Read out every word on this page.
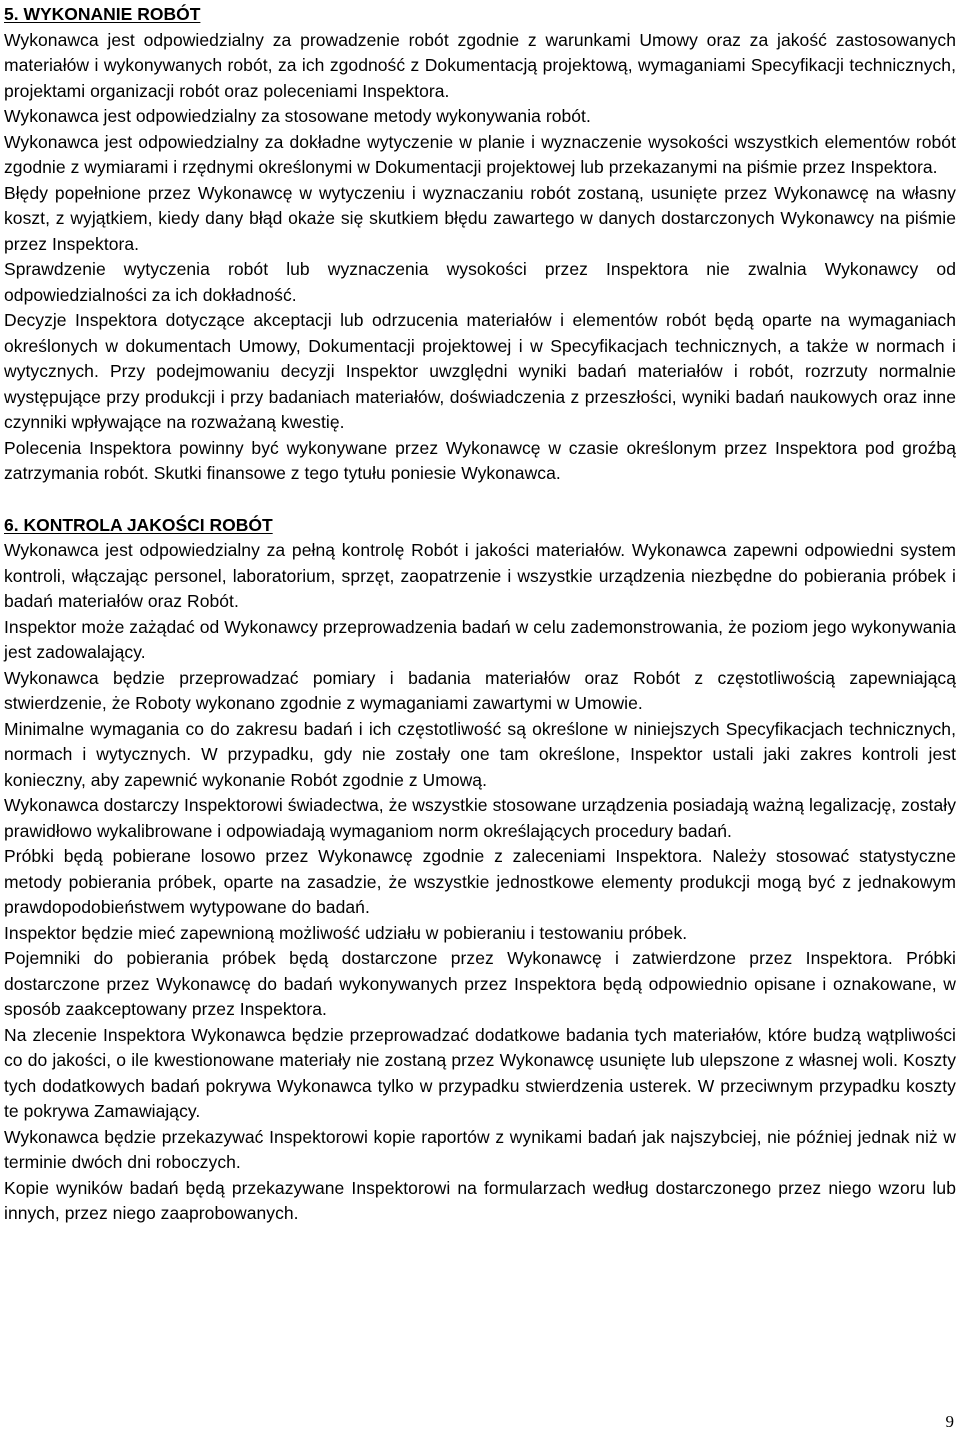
5. WYKONANIE ROBÓT

Wykonawca jest odpowiedzialny za prowadzenie robót zgodnie z warunkami Umowy oraz za jakość zastosowanych materiałów i wykonywanych robót, za ich zgodność z Dokumentacją projektową, wymaganiami Specyfikacji technicznych, projektami organizacji robót oraz poleceniami Inspektora.

Wykonawca jest odpowiedzialny za stosowane metody wykonywania robót.

Wykonawca jest odpowiedzialny za dokładne wytyczenie w planie i wyznaczenie wysokości wszystkich elementów robót zgodnie z wymiarami i rzędnymi określonymi w Dokumentacji projektowej lub przekazanymi na piśmie przez Inspektora.

Błędy popełnione przez Wykonawcę w wytyczeniu i wyznaczaniu robót zostaną, usunięte przez Wykonawcę na własny koszt, z wyjątkiem, kiedy dany błąd okaże się skutkiem błędu zawartego w danych dostarczonych Wykonawcy na piśmie przez Inspektora.

Sprawdzenie wytyczenia robót lub wyznaczenia wysokości przez Inspektora nie zwalnia Wykonawcy od odpowiedzialności za ich dokładność.

Decyzje Inspektora dotyczące akceptacji lub odrzucenia materiałów i elementów robót będą oparte na wymaganiach określonych w dokumentach Umowy, Dokumentacji projektowej i w Specyfikacjach technicznych, a także w normach i wytycznych. Przy podejmowaniu decyzji Inspektor uwzględni wyniki badań materiałów i robót, rozrzuty normalnie występujące przy produkcji i przy badaniach materiałów, doświadczenia z przeszłości, wyniki badań naukowych oraz inne czynniki wpływające na rozważaną kwestię.

Polecenia Inspektora powinny być wykonywane przez Wykonawcę w czasie określonym przez Inspektora pod groźbą zatrzymania robót. Skutki finansowe z tego tytułu poniesie Wykonawca.

6. KONTROLA JAKOŚCI ROBÓT

Wykonawca jest odpowiedzialny za pełną kontrolę Robót i jakości materiałów. Wykonawca zapewni odpowiedni system kontroli, włączając personel, laboratorium, sprzęt, zaopatrzenie i wszystkie urządzenia niezbędne do pobierania próbek i badań materiałów oraz Robót.

Inspektor może zażądać od Wykonawcy przeprowadzenia badań w celu zademonstrowania, że poziom jego wykonywania jest zadowalający.

Wykonawca będzie przeprowadzać pomiary i badania materiałów oraz Robót z częstotliwością zapewniającą stwierdzenie, że Roboty wykonano zgodnie z wymaganiami zawartymi w Umowie.

Minimalne wymagania co do zakresu badań i ich częstotliwość są określone w niniejszych Specyfikacjach technicznych, normach i wytycznych. W przypadku, gdy nie zostały one tam określone, Inspektor ustali jaki zakres kontroli jest konieczny, aby zapewnić wykonanie Robót zgodnie z Umową.

Wykonawca dostarczy Inspektorowi świadectwa, że wszystkie stosowane urządzenia posiadają ważną legalizację, zostały prawidłowo wykalibrowane i odpowiadają wymaganiom norm określających procedury badań.

Próbki będą pobierane losowo przez Wykonawcę zgodnie z zaleceniami Inspektora. Należy stosować statystyczne metody pobierania próbek, oparte na zasadzie, że wszystkie jednostkowe elementy produkcji mogą być z jednakowym prawdopodobieństwem wytypowane do badań.

Inspektor będzie mieć zapewnioną możliwość udziału w pobieraniu i testowaniu próbek.

Pojemniki do pobierania próbek będą dostarczone przez Wykonawcę i zatwierdzone przez Inspektora. Próbki dostarczone przez Wykonawcę do badań wykonywanych przez Inspektora będą odpowiednio opisane i oznakowane, w sposób zaakceptowany przez Inspektora.

Na zlecenie Inspektora Wykonawca będzie przeprowadzać dodatkowe badania tych materiałów, które budzą wątpliwości co do jakości, o ile kwestionowane materiały nie zostaną przez Wykonawcę usunięte lub ulepszone z własnej woli. Koszty tych dodatkowych badań pokrywa Wykonawca tylko w przypadku stwierdzenia usterek. W przeciwnym przypadku koszty te pokrywa Zamawiający.

Wykonawca będzie przekazywać Inspektorowi kopie raportów z wynikami badań jak najszybciej, nie później jednak niż w terminie dwóch dni roboczych.

Kopie wyników badań będą przekazywane Inspektorowi na formularzach według dostarczonego przez niego wzoru lub innych, przez niego zaaprobowanych.

9
